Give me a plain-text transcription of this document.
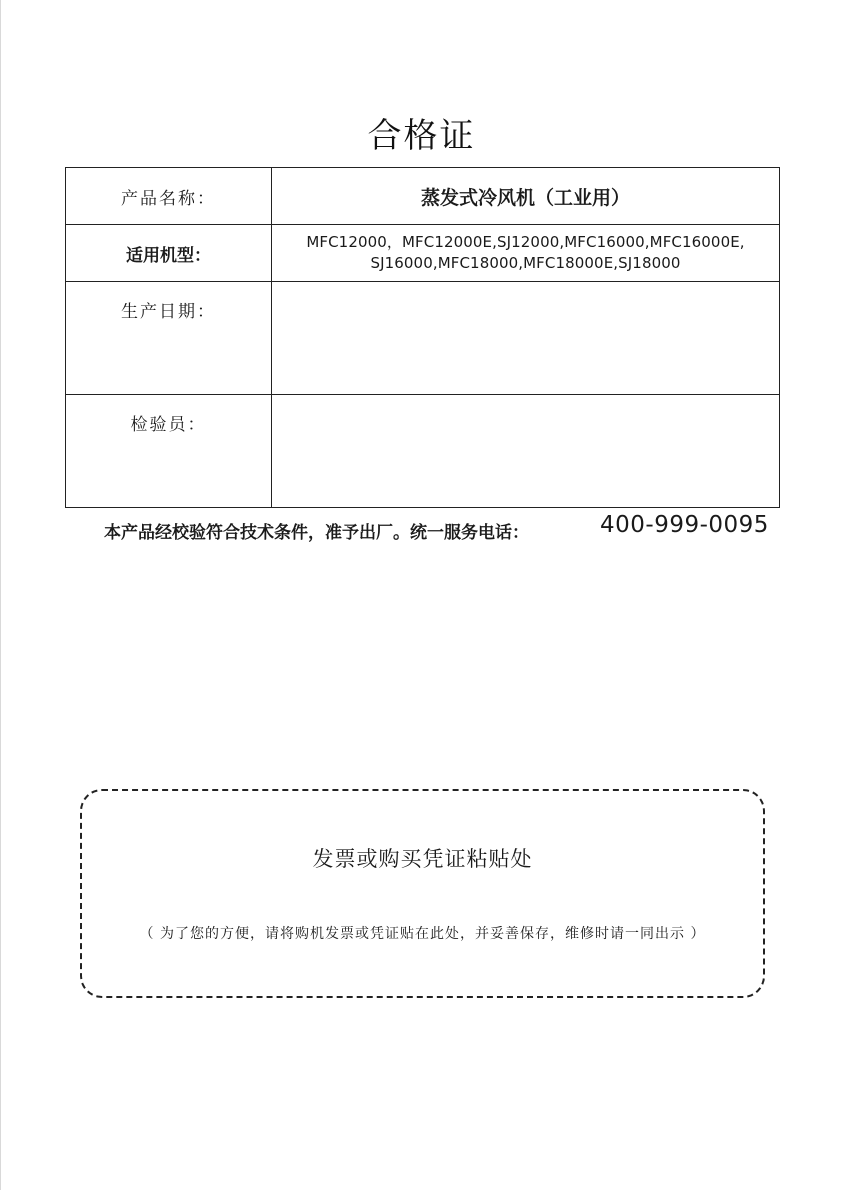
合格证
产品名称：	蒸发式冷风机（工业用）
适用机型：	MFC12000，MFC12000E,SJ12000,MFC16000,MFC16000E,
SJ16000,MFC18000,MFC18000E,SJ18000

生产日期：	
检验员：	
本产品经校验符合技术条件，准予出厂。统一服务电话：	400-999-0095
发票或购买凭证粘贴处
（ 为了您的方便，请将购机发票或凭证贴在此处，并妥善保存，维修时请一同出示 ）
